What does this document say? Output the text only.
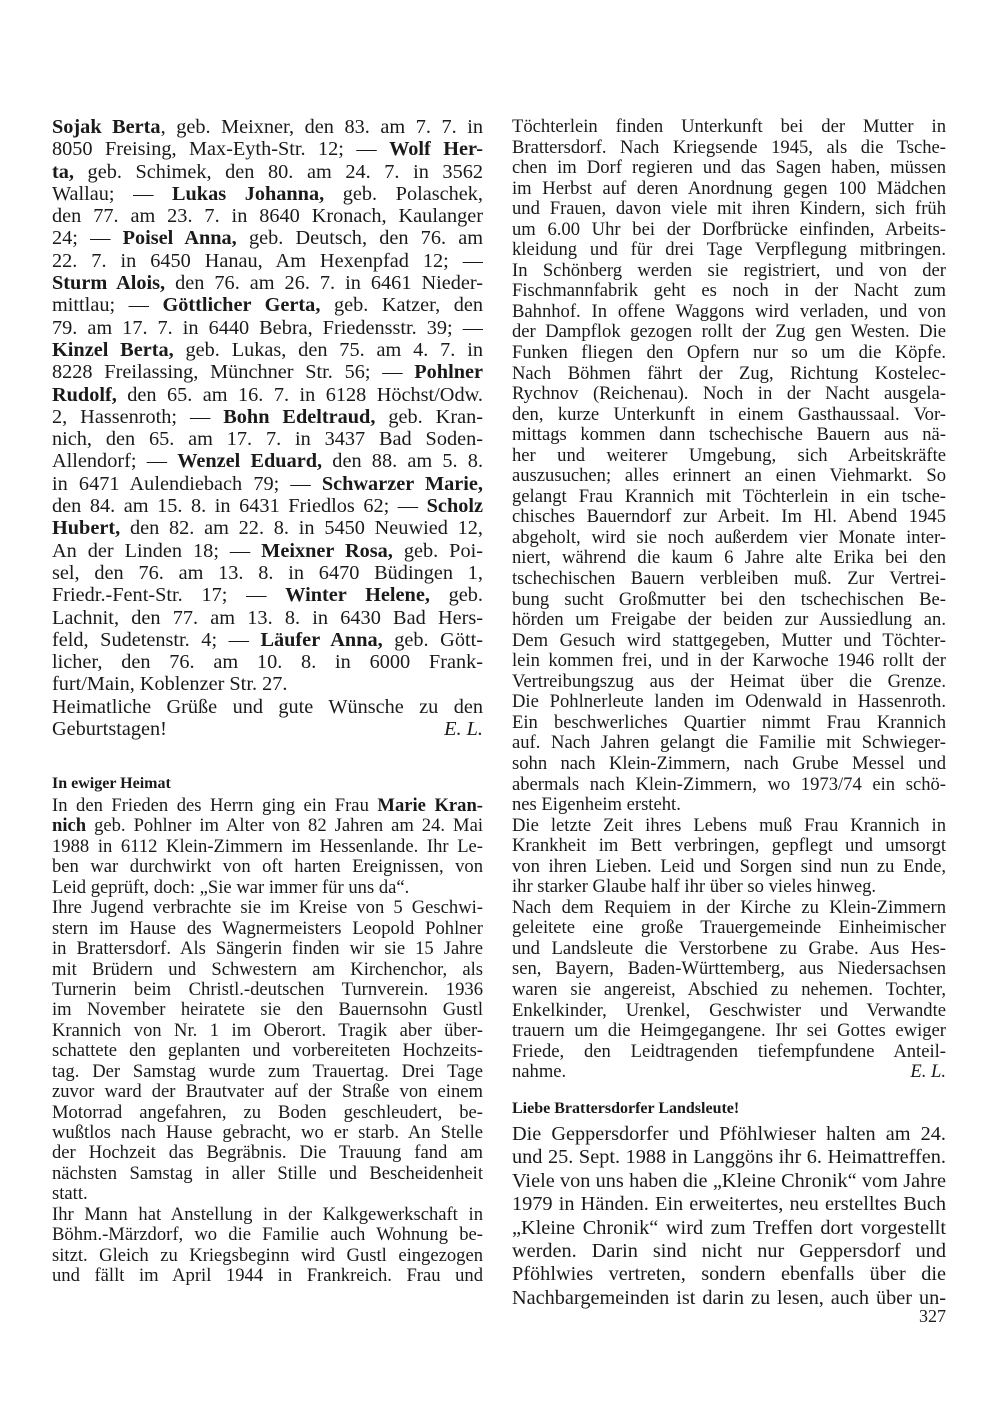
Sojak Berta, geb. Meixner, den 83. am 7. 7. in
8050 Freising, Max-Eyth-Str. 12; — Wolf Her-
ta, geb. Schimek, den 80. am 24. 7. in 3562
Wallau; — Lukas Johanna, geb. Polaschek,
den 77. am 23. 7. in 8640 Kronach, Kaulanger
24; — Poisel Anna, geb. Deutsch, den 76. am
22. 7. in 6450 Hanau, Am Hexenpfad 12; —
Sturm Alois, den 76. am 26. 7. in 6461 Nieder-
mittlau; — Göttlicher Gerta, geb. Katzer, den
79. am 17. 7. in 6440 Bebra, Friedensstr. 39; —
Kinzel Berta, geb. Lukas, den 75. am 4. 7. in
8228 Freilassing, Münchner Str. 56; — Pohlner
Rudolf, den 65. am 16. 7. in 6128 Höchst/Odw.
2, Hassenroth; — Bohn Edeltraud, geb. Kran-
nich, den 65. am 17. 7. in 3437 Bad Soden-
Allendorf; — Wenzel Eduard, den 88. am 5. 8.
in 6471 Aulendiebach 79; — Schwarzer Marie,
den 84. am 15. 8. in 6431 Friedlos 62; — Scholz
Hubert, den 82. am 22. 8. in 5450 Neuwied 12,
An der Linden 18; — Meixner Rosa, geb. Poi-
sel, den 76. am 13. 8. in 6470 Büdingen 1,
Friedr.-Fent-Str. 17; — Winter Helene, geb.
Lachnit, den 77. am 13. 8. in 6430 Bad Hers-
feld, Sudetenstr. 4; — Läufer Anna, geb. Gött-
licher, den 76. am 10. 8. in 6000 Frank-
furt/Main, Koblenzer Str. 27.
Heimatliche Grüße und gute Wünsche zu den
Geburtstagen!	E. L.
In ewiger Heimat
In den Frieden des Herrn ging ein Frau Marie Kran-
nich geb. Pohlner im Alter von 82 Jahren am 24. Mai
1988 in 6112 Klein-Zimmern im Hessenlande. Ihr Le-
ben war durchwirkt von oft harten Ereignissen, von
Leid geprüft, doch: „Sie war immer für uns da“.
Ihre Jugend verbrachte sie im Kreise von 5 Geschwi-
stern im Hause des Wagnermeisters Leopold Pohlner
in Brattersdorf. Als Sängerin finden wir sie 15 Jahre
mit Brüdern und Schwestern am Kirchenchor, als
Turnerin beim Christl.-deutschen Turnverein. 1936
im November heiratete sie den Bauernsohn Gustl
Krannich von Nr. 1 im Oberort. Tragik aber über-
schattete den geplanten und vorbereiteten Hochzeits-
tag. Der Samstag wurde zum Trauertag. Drei Tage
zuvor ward der Brautvater auf der Straße von einem
Motorrad angefahren, zu Boden geschleudert, be-
wußtlos nach Hause gebracht, wo er starb. An Stelle
der Hochzeit das Begräbnis. Die Trauung fand am
nächsten Samstag in aller Stille und Bescheidenheit
statt.
Ihr Mann hat Anstellung in der Kalkgewerkschaft in
Böhm.-Märzdorf, wo die Familie auch Wohnung be-
sitzt. Gleich zu Kriegsbeginn wird Gustl eingezogen
und fällt im April 1944 in Frankreich. Frau und
Töchterlein finden Unterkunft bei der Mutter in
Brattersdorf. Nach Kriegsende 1945, als die Tsche-
chen im Dorf regieren und das Sagen haben, müssen
im Herbst auf deren Anordnung gegen 100 Mädchen
und Frauen, davon viele mit ihren Kindern, sich früh
um 6.00 Uhr bei der Dorfbrücke einfinden, Arbeits-
kleidung und für drei Tage Verpflegung mitbringen.
In Schönberg werden sie registriert, und von der
Fischmannfabrik geht es noch in der Nacht zum
Bahnhof. In offene Waggons wird verladen, und von
der Dampflok gezogen rollt der Zug gen Westen. Die
Funken fliegen den Opfern nur so um die Köpfe.
Nach Böhmen fährt der Zug, Richtung Kostelec-
Rychnov (Reichenau). Noch in der Nacht ausgela-
den, kurze Unterkunft in einem Gasthaussaal. Vor-
mittags kommen dann tschechische Bauern aus nä-
her und weiterer Umgebung, sich Arbeitskräfte
auszusuchen; alles erinnert an einen Viehmarkt. So
gelangt Frau Krannich mit Töchterlein in ein tsche-
chisches Bauerndorf zur Arbeit. Im Hl. Abend 1945
abgeholt, wird sie noch außerdem vier Monate inter-
niert, während die kaum 6 Jahre alte Erika bei den
tschechischen Bauern verbleiben muß. Zur Vertrei-
bung sucht Großmutter bei den tschechischen Be-
hörden um Freigabe der beiden zur Aussiedlung an.
Dem Gesuch wird stattgegeben, Mutter und Töchter-
lein kommen frei, und in der Karwoche 1946 rollt der
Vertreibungszug aus der Heimat über die Grenze.
Die Pohlnerleute landen im Odenwald in Hassenroth.
Ein beschwerliches Quartier nimmt Frau Krannich
auf. Nach Jahren gelangt die Familie mit Schwieger-
sohn nach Klein-Zimmern, nach Grube Messel und
abermals nach Klein-Zimmern, wo 1973/74 ein schö-
nes Eigenheim ersteht.
Die letzte Zeit ihres Lebens muß Frau Krannich in
Krankheit im Bett verbringen, gepflegt und umsorgt
von ihren Lieben. Leid und Sorgen sind nun zu Ende,
ihr starker Glaube half ihr über so vieles hinweg.
Nach dem Requiem in der Kirche zu Klein-Zimmern
geleitete eine große Trauergemeinde Einheimischer
und Landsleute die Verstorbene zu Grabe. Aus Hes-
sen, Bayern, Baden-Württemberg, aus Niedersachsen
waren sie angereist, Abschied zu nehemen. Tochter,
Enkelkinder, Urenkel, Geschwister und Verwandte
trauern um die Heimgegangene. Ihr sei Gottes ewiger
Friede, den Leidtragenden tiefempfundene Anteil-
nahme.	E. L.
Liebe Brattersdorfer Landsleute!
Die Geppersdorfer und Pföhlwieser halten am 24.
und 25. Sept. 1988 in Langgöns ihr 6. Heimattreffen.
Viele von uns haben die „Kleine Chronik“ vom Jahre
1979 in Händen. Ein erweitertes, neu erstelltes Buch
„Kleine Chronik“ wird zum Treffen dort vorgestellt
werden. Darin sind nicht nur Geppersdorf und
Pföhlwies vertreten, sondern ebenfalls über die
Nachbargemeinden ist darin zu lesen, auch über un-
327
